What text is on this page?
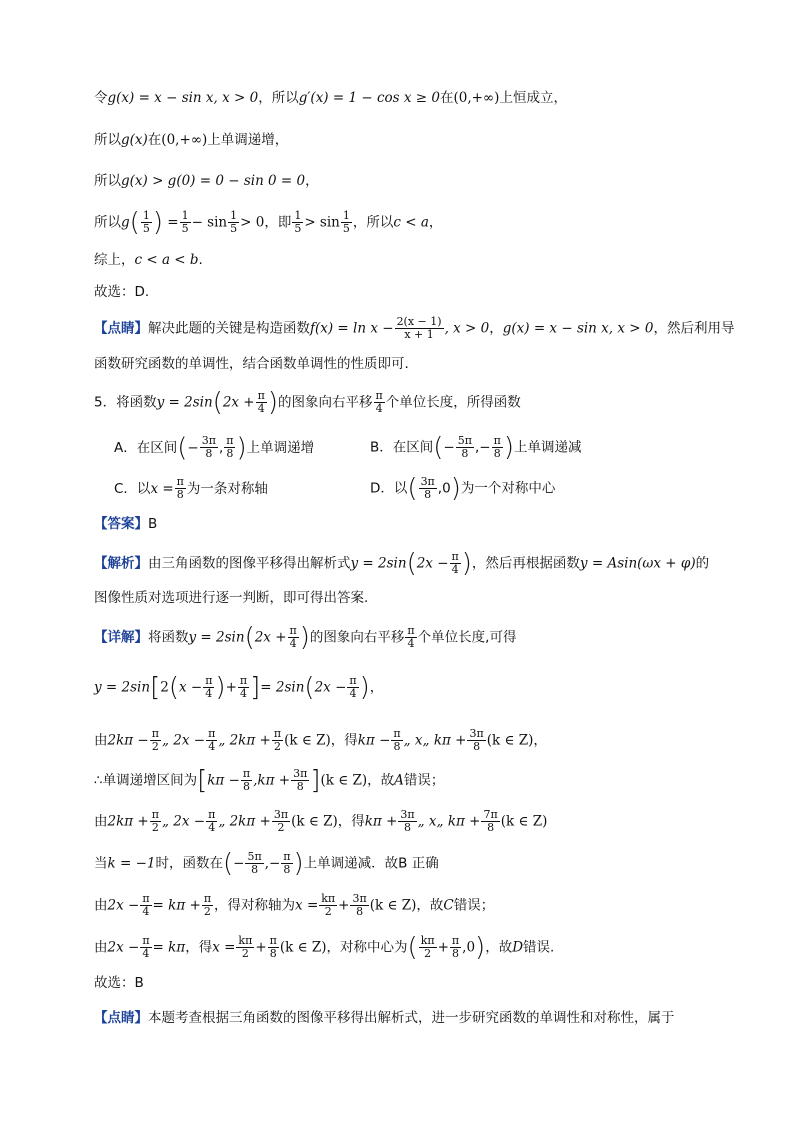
令g(x) = x − sin x, x > 0，所以g′(x) = 1 − cos x ≥ 0在(0,+∞)上恒成立，
所以g(x)在(0,+∞)上单调递增，
所以g(x) > g(0) = 0 − sin 0 = 0，
所以$g( \frac{1}{5}$ ) = $\frac{1}{5} - \sin \frac{1}{5} > 0$，即 $\frac{1}{5} > \sin \frac{1}{5}$ ，所以c < a，
综上，c < a < b.
故选：D.
【点睛】解决此题的关键是构造函数$f(x) = \ln x - \frac{2(x - 1)}{x + 1}$ , x > 0，g(x) = x − sin x, x > 0，然后利用导
函数研究函数的单调性，结合函数单调性的性质即可.
5．将函数$y = 2\sin(2x + \frac{\pi}{4}$ )的图象向右平移 $\frac{\pi}{4}$ 个单位长度，所得函数
A．在区间(− $\frac{3\pi}{8}$ , $\frac{\pi}{8}$ )上单调递增	B．在区间(− $\frac{5\pi}{8}$ ,− $\frac{\pi}{8}$ )上单调递减
C．以$x = \frac{\pi}{8}$ 为一条对称轴	D．以( $\frac{3\pi}{8} ,0$)为一个对称中心
【答案】B
【解析】由三角函数的图像平移得出解析式$y = 2\sin(2x - \frac{\pi}{4}$ )，然后再根据函数y = Asin(ωx + φ)的
图像性质对选项进行逐一判断，即可得出答案.
【详解】将函数$y = 2\sin(2x + \frac{\pi}{4}$ )的图象向右平移 $\frac{\pi}{4}$ 个单位长度,可得
$y = 2\sin[2(x - \frac{\pi}{4}$ )+ $\frac{\pi}{4}$ ]= $2\sin(2x - \frac{\pi}{4}$ )，
由$2k\pi - \frac{\pi}{2}$ „ $2x - \frac{\pi}{4}$ „ $2k\pi + \frac{\pi}{2} (k$ ∈ Z)，得$k\pi - \frac{\pi}{8}$ „ x„ $k\pi + \frac{3\pi}{8} (k$ ∈ Z)，
∴单调递增区间为$[k\pi - \frac{\pi}{8} ,k\pi + \frac{3\pi}{8} ](k$ ∈ Z)，故A错误；
由$2k\pi + \frac{\pi}{2}$ „ $2x - \frac{\pi}{4}$ „ $2k\pi + \frac{3\pi}{2} (k$ ∈ Z)，得$k\pi + \frac{3\pi}{8}$ „ x„ $k\pi + \frac{7\pi}{8} (k$ ∈ Z)
当k = −1时，函数在(− $\frac{5\pi}{8}$ ,− $\frac{\pi}{8}$ )上单调递减．故B 正确
由$2x - \frac{\pi}{4} = k\pi + \frac{\pi}{2}$ ，得对称轴为$x = \frac{k\pi}{2} + \frac{3\pi}{8} (k$ ∈ Z)，故C错误；
由$2x - \frac{\pi}{4} = k\pi$，得$x = \frac{k\pi}{2} + \frac{\pi}{8} (k$ ∈ Z)，对称中心为( $\frac{k\pi}{2} + \frac{\pi}{8} ,0$)，故D错误.
故选：B
【点睛】本题考查根据三角函数的图像平移得出解析式，进一步研究函数的单调性和对称性，属于
